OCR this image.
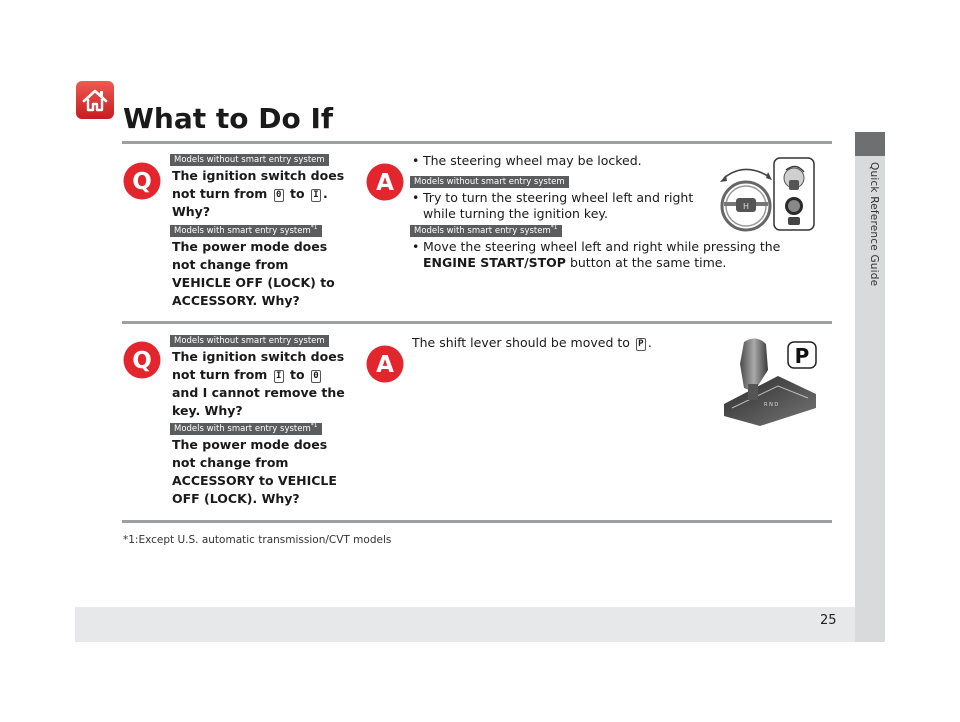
Quick Reference Guide
25
What to Do If
Q
Models without smart entry system
The ignition switch does not turn from 0 to I . Why?
Models with smart entry system$^{*1}$
The power mode does not change from VEHICLE OFF (LOCK) to ACCESSORY. Why?
A
• The steering wheel may be locked.
Models without smart entry system
• Try to turn the steering wheel left and right while turning the ignition key.
Models with smart entry system$^{*1}$
• Move the steering wheel left and right while pressing the ENGINE START/STOP button at the same time.
H
Q
Models without smart entry system
The ignition switch does not turn from I to 0 and I cannot remove the key. Why?
Models with smart entry system$^{*1}$
The power mode does not change from ACCESSORY to VEHICLE OFF (LOCK). Why?
A
The shift lever should be moved to P .
R N D
P
*1:Except U.S. automatic transmission/CVT models
